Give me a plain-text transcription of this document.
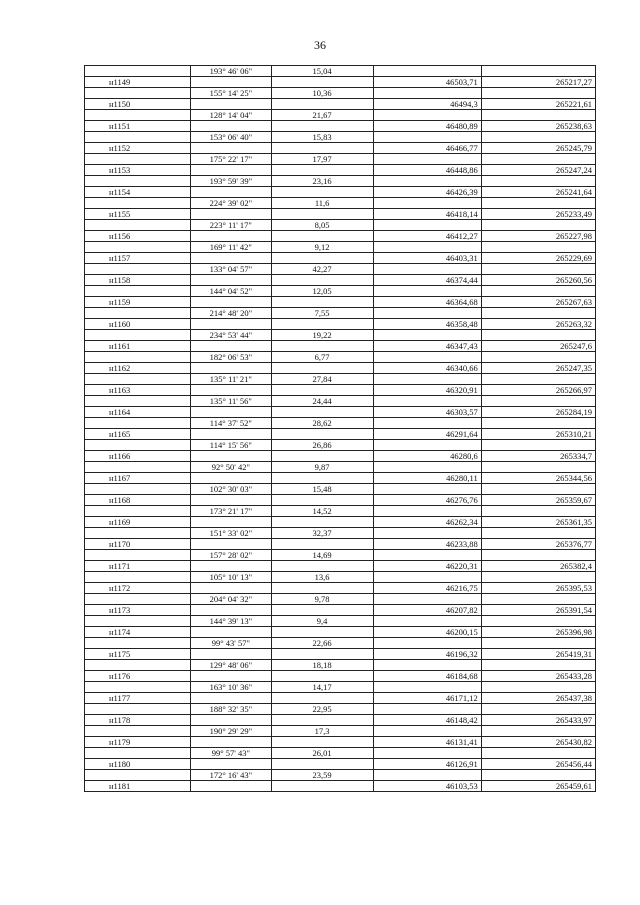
36
	193° 46' 06"	15,04		
н1149			46503,71	265217,27
	155° 14' 25"	10,36		
н1150			46494,3	265221,61
	128° 14' 04"	21,67		
н1151			46480,89	265238,63
	153° 06' 40"	15,83		
н1152			46466,77	265245,79
	175° 22' 17"	17,97		
н1153			46448,86	265247,24
	193° 59' 39"	23,16		
н1154			46426,39	265241,64
	224° 39' 02"	11,6		
н1155			46418,14	265233,49
	223° 11' 17"	8,05		
н1156			46412,27	265227,98
	169° 11' 42"	9,12		
н1157			46403,31	265229,69
	133° 04' 57"	42,27		
н1158			46374,44	265260,56
	144° 04' 52"	12,05		
н1159			46364,68	265267,63
	214° 48' 20"	7,55		
н1160			46358,48	265263,32
	234° 53' 44"	19,22		
н1161			46347,43	265247,6
	182° 06' 53"	6,77		
н1162			46340,66	265247,35
	135° 11' 21"	27,84		
н1163			46320,91	265266,97
	135° 11' 56"	24,44		
н1164			46303,57	265284,19
	114° 37' 52"	28,62		
н1165			46291,64	265310,21
	114° 15' 56"	26,86		
н1166			46280,6	265334,7
	92° 50' 42"	9,87		
н1167			46280,11	265344,56
	102° 30' 03"	15,48		
н1168			46276,76	265359,67
	173° 21' 17"	14,52		
н1169			46262,34	265361,35
	151° 33' 02"	32,37		
н1170			46233,88	265376,77
	157° 28' 02"	14,69		
н1171			46220,31	265382,4
	105° 10' 13"	13,6		
н1172			46216,75	265395,53
	204° 04' 32"	9,78		
н1173			46207,82	265391,54
	144° 39' 13"	9,4		
н1174			46200,15	265396,98
	99° 43' 57"	22,66		
н1175			46196,32	265419,31
	129° 48' 06"	18,18		
н1176			46184,68	265433,28
	163° 10' 36"	14,17		
н1177			46171,12	265437,38
	188° 32' 35"	22,95		
н1178			46148,42	265433,97
	190° 29' 29"	17,3		
н1179			46131,41	265430,82
	99° 57' 43"	26,01		
н1180			46126,91	265456,44
	172° 16' 43"	23,59		
н1181			46103,53	265459,61
